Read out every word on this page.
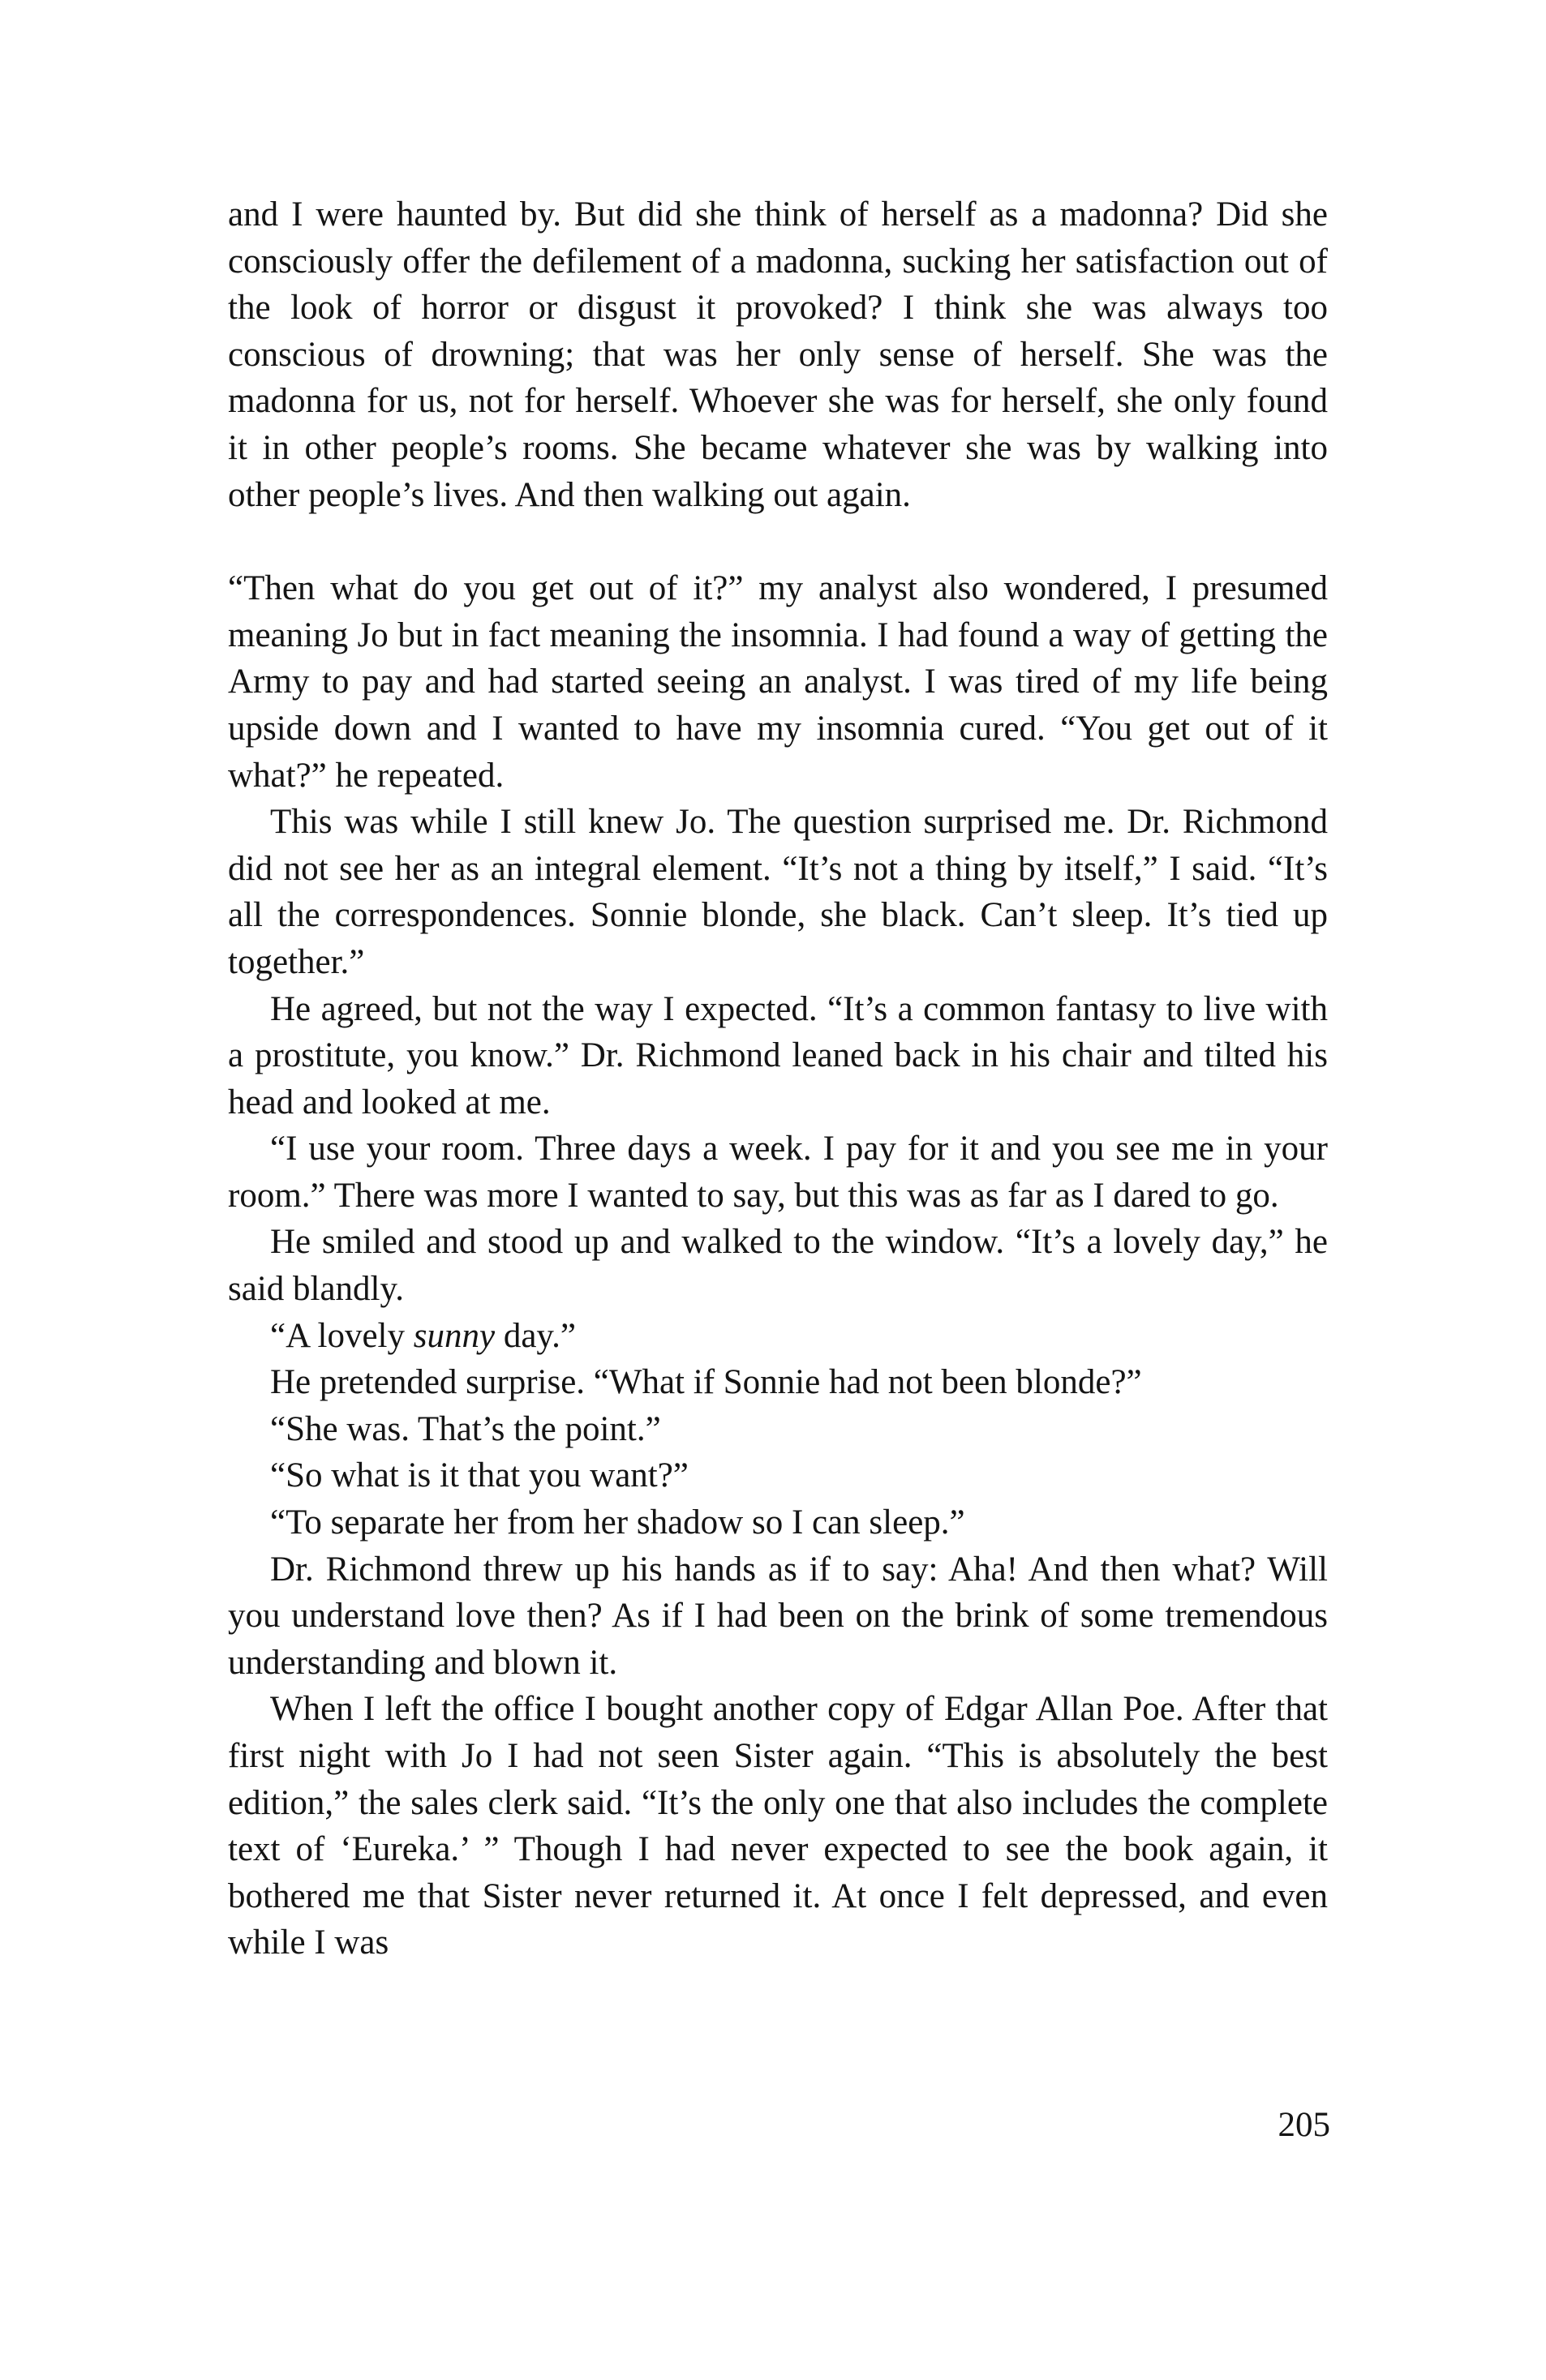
and I were haunted by. But did she think of herself as a madonna? Did she consciously offer the defilement of a madonna, sucking her satisfaction out of the look of horror or disgust it provoked? I think she was always too conscious of drowning; that was her only sense of herself. She was the madonna for us, not for herself. Whoever she was for herself, she only found it in other people’s rooms. She became whatever she was by walking into other people’s lives. And then walking out again.

“Then what do you get out of it?” my analyst also wondered, I presumed meaning Jo but in fact meaning the insomnia. I had found a way of getting the Army to pay and had started seeing an analyst. I was tired of my life being upside down and I wanted to have my insomnia cured. “You get out of it what?” he repeated.

This was while I still knew Jo. The question surprised me. Dr. Richmond did not see her as an integral element. “It’s not a thing by itself,” I said. “It’s all the correspondences. Sonnie blonde, she black. Can’t sleep. It’s tied up together.”

He agreed, but not the way I expected. “It’s a common fantasy to live with a prostitute, you know.” Dr. Richmond leaned back in his chair and tilted his head and looked at me.

“I use your room. Three days a week. I pay for it and you see me in your room.” There was more I wanted to say, but this was as far as I dared to go.

He smiled and stood up and walked to the window. “It’s a lovely day,” he said blandly.

“A lovely sunny day.”

He pretended surprise. “What if Sonnie had not been blonde?”

“She was. That’s the point.”

“So what is it that you want?”

“To separate her from her shadow so I can sleep.”

Dr. Richmond threw up his hands as if to say: Aha! And then what? Will you understand love then? As if I had been on the brink of some tremendous understanding and blown it.

When I left the office I bought another copy of Edgar Allan Poe. After that first night with Jo I had not seen Sister again. “This is absolutely the best edition,” the sales clerk said. “It’s the only one that also includes the complete text of ‘Eureka.’ ” Though I had never expected to see the book again, it bothered me that Sister never returned it. At once I felt depressed, and even while I was

205
